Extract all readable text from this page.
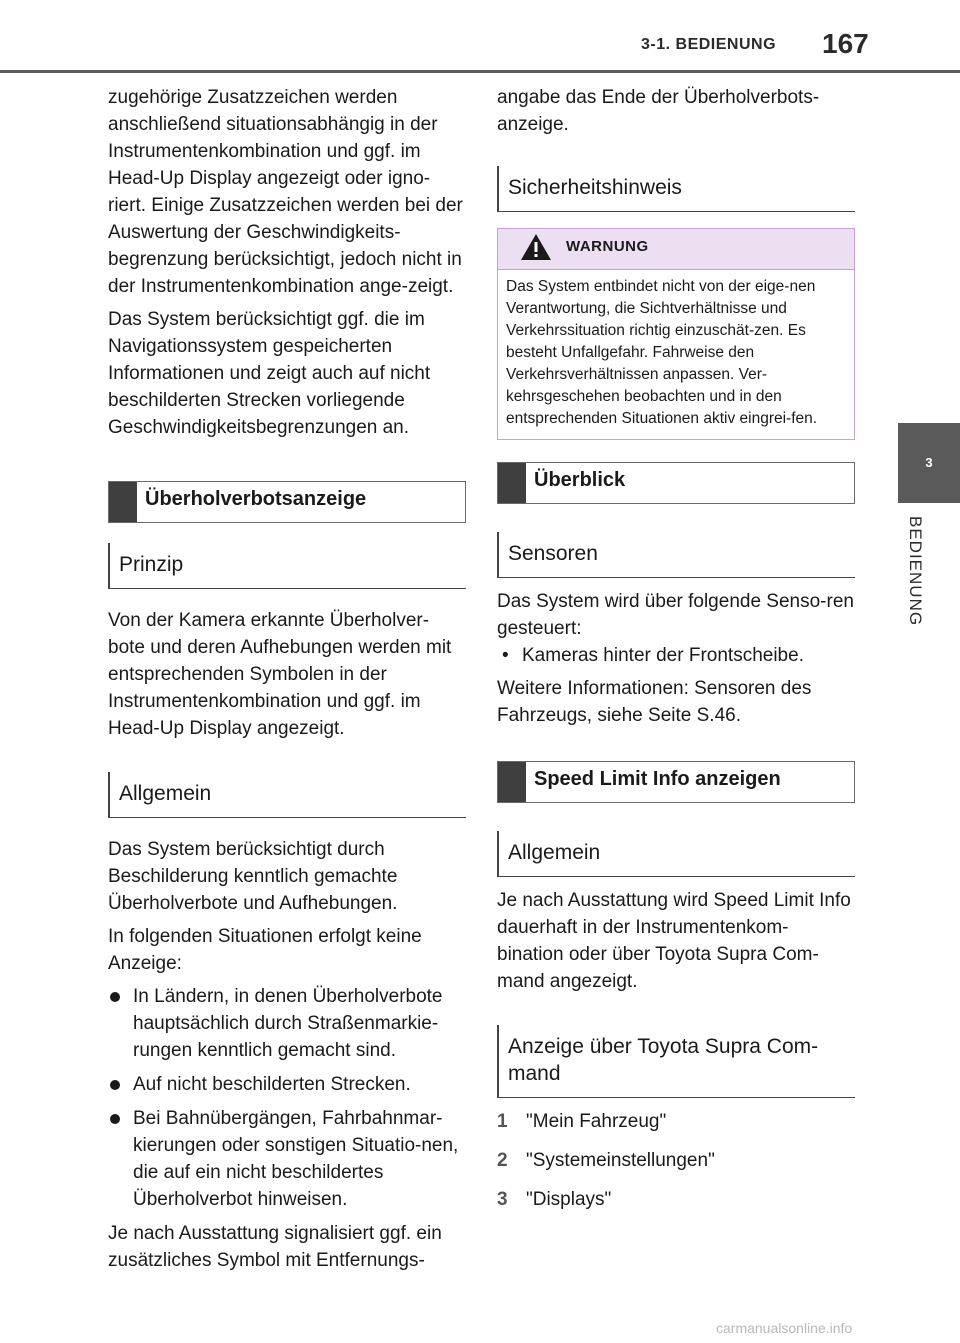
3-1. BEDIENUNG 167
3
BEDIENUNG

zugehörige Zusatzzeichen werden anschließend situationsabhängig in der Instrumentenkombination und ggf. im Head-Up Display angezeigt oder igno-riert. Einige Zusatzzeichen werden bei der Auswertung der Geschwindigkeits-begrenzung berücksichtigt, jedoch nicht in der Instrumentenkombination ange-zeigt.

Das System berücksichtigt ggf. die im Navigationssystem gespeicherten Informationen und zeigt auch auf nicht beschilderten Strecken vorliegende Geschwindigkeitsbegrenzungen an.

Überholverbotsanzeige
Prinzip

Von der Kamera erkannte Überholver-bote und deren Aufhebungen werden mit entsprechenden Symbolen in der Instrumentenkombination und ggf. im Head-Up Display angezeigt.

Allgemein

Das System berücksichtigt durch Beschilderung kenntlich gemachte Überholverbote und Aufhebungen.

In folgenden Situationen erfolgt keine Anzeige:

In Ländern, in denen Überholverbote hauptsächlich durch Straßenmarkie-rungen kenntlich gemacht sind.
Auf nicht beschilderten Strecken.
Bei Bahnübergängen, Fahrbahnmar-kierungen oder sonstigen Situatio-nen, die auf ein nicht beschildertes Überholverbot hinweisen.

Je nach Ausstattung signalisiert ggf. ein zusätzliches Symbol mit Entfernungs-

angabe das Ende der Überholverbots-anzeige.

Sicherheitshinweis
WARNUNG
Das System entbindet nicht von der eige-nen Verantwortung, die Sichtverhältnisse und Verkehrssituation richtig einzuschät-zen. Es besteht Unfallgefahr. Fahrweise den Verkehrsverhältnissen anpassen. Ver-kehrsgeschehen beobachten und in den entsprechenden Situationen aktiv eingrei-fen.
Überblick
Sensoren

Das System wird über folgende Senso-ren gesteuert:

• Kameras hinter der Frontscheibe.

Weitere Informationen: Sensoren des Fahrzeugs, siehe Seite S.46.

Speed Limit Info anzeigen
Allgemein

Je nach Ausstattung wird Speed Limit Info dauerhaft in der Instrumentenkom-bination oder über Toyota Supra Com-mand angezeigt.

Anzeige über Toyota Supra Com-mand
1 "Mein Fahrzeug"
2 "Systemeinstellungen"
3 "Displays"
carmanualsonline.info
